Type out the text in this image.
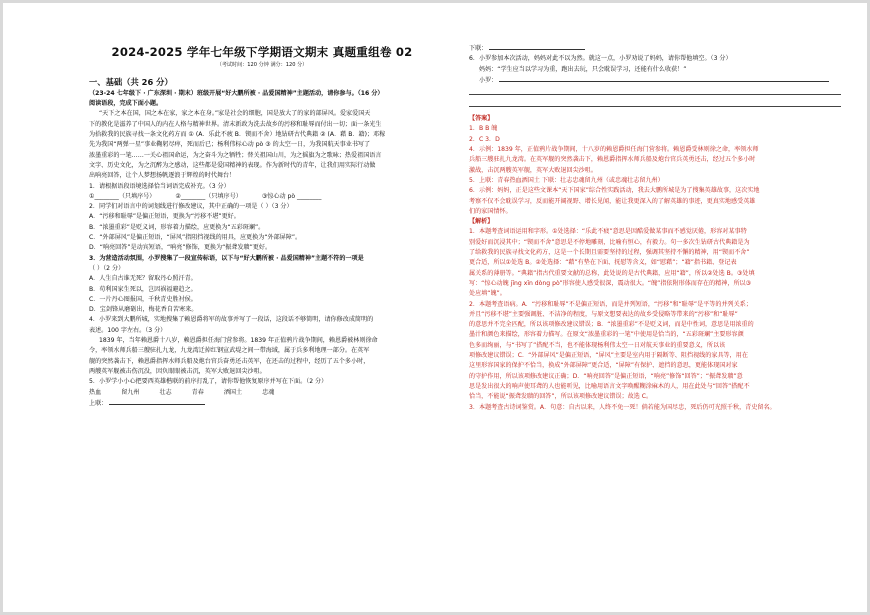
2024-2025 学年七年级下学期语文期末 真题重组卷 02
（考试时间：120 分钟 满分：120 分）
一、基础（共 26 分）
（23-24 七年级下 · 广东深圳 · 期末）班级开展“好大鹏所被 · 品爱国精神”主题活动，请你参与。（16 分）
阅读语段，完成下面小题。
“天下之本在国，国之本在家，家之本在身。”家是社会的细胞，国是放大了的家的部屏风。爱家爱国天
下的教化是滋养了中国人的内在人格与精神世界。清末新政为洗去故乡的污移和耻辱而付出一切；面一条光生
为拾救我的民族寻找一条文化药方而 ① (A．乐此不疲 B．锲而不舍）地钻研古代典籍 ② (A．藉 B．籍)；邓稼
先为我国“两弹一星”事业鞠躬尽瘁，死而后已；杨利伟标心动 pò ③ 的太空一日，为我国航天事业书写了
浓墨重彩的一笔……一关心祖国命运，为之奋斗为之牺牲；替关祖国山川，为之摇旗为之歌咏；热爱祖国语言
文字、历史文化，为之沉醉为之感动，这些都是爱国精神的表现。作为新时代的青年，让我们用实际行动做
出响亮回答，让个人梦想扬帆逐浪于辉煌的时代舞台！
1．请根据语段语境选择恰当词语完成补充。（3 分）
①________（只填序号）	②________（只填序号）	③惊心动 pò ________
2．同学们对语言中的词划线进行修改建议，其中正确的一项是（ ）（3 分）
A．“污移和耻辱”是偏正短语，更换为“污移不堪”更好。
B．“浓墨重彩”是贬义词，形容着力描绘，应更换为“五彩斑斓”。
C．“外部屏风”是偏正短语，“屏风”指阻挡视线的用具，应更换为“外部屏障”。
D．“响亮回答”是动宾短语，“响亮”修饰，更换为“振聋发聩”更好。
3．为营造活动氛围，小罗搜集了一段宣传标语，以下与“好大鹏所被 · 品爱国精神”主题不符的一项是
（ ）（2 分）
A．人生自古谁无死？留取丹心照汗青。
B．苟利国家生死以，岂因祸福避趋之。
C．一片丹心图报国，千秋青史胜衬侯。
D．宝剑锋从磨砺出，梅花香自苦寒来。
4．小罗来到大鹏所城，实地搜集了赖恩爵将军的故事并写了一段话，这段话不够简明，请你修改成简明的
表述。100 字左右。（3 分）
1839 年，当年赖恩爵十八岁，赖恩爵担任海门营参将。1839 年正值鸦片战争期间，赖恩爵被林则徐命
令，率领水师兵船三艘驻扎九龙，九龙湾迁掉红钢宣武堤之间一带海域，属于兵多利地理一部分。在英军
舰的突然袭击下，赖恩爵指挥水师兵船及炮台官兵奋勇还击英军，在还击的过程中，经历了五个多小时，
两艘英军舰被击伤沉没，因负眼眼被击沉，英军大败退回尖沙咀。
5．小罗学小小心把要西英雄楷联的前序打乱了，请你帮他恢复原序并写在下面。（2 分）
热血	留九州	壮志	青春	洒国土	忠魂
上联：
下联：
6．小罗参加本次活动，妈妈对此不以为然。就这一点，小罗劝说了妈妈，请你帮他填空。（3 分）
妈妈：“学生应当以学习为重，跑出去玩，只会耽误学习，还能有什么收获！”
小罗：
【答案】
1．B B 魄
2．C 3．D
4．示例：1839 年，正值鸦片战争期间，十八岁的赖恩爵担任海门营参将。赖恩爵受林则徐之命，率领水师
兵船三艘驻扎九龙湾。在英军舰的突然袭击下，赖恩爵指挥水师兵船及炮台官兵英勇还击，经过五个多小时
激战，击沉两艘英军舰，英军大败退回尖沙咀。
5．上联：青春热血洒国土 下联：壮志忠魂留九州（或忠魂壮志留九州）
6．示例：妈妈，正是这些文课本“天下国家”综合性实践活动，我去大鹏所城是为了搜集英雄故事，这次实地
考察不仅不会耽误学习，反而能开阔视野、增长见闻，能让我更深入的了解英雄的事迹，更真实地感受英雄
们的家国情怀。
【解析】
1．本题考查词语运用和字形。①处选择：“乐此不疲”意思是因酷爱做某事而不感觉厌倦，形容对某事特
别爱好而沉浸其中；“锲而不舍”意思是不停地雕刻，比喻有恒心，有毅力。句一多次生钻研古代典籍是为
了给救我的民族寻找文化药方，这是一个长期且需要坚持的过程，强调其坚持不懈的精神，用“锲而不舍”
更合适，所以①处选 B。②处选择：“藉”有垫在下面、抚慰等含义，如“慰藉”；“籍”指书籍、登记表
属关系的薄册等。“典籍”指古代重要文献的总称，此处说的是古代典籍，应用“籍”，所以②处选 B。③处填
写：“惊心动魄 jīng xīn dòng pò”形容使人感受很深，震动很大。“魄”指依附形体而存在的精神，所以③
处应填“魄”。
2．本题考查语病。A．“污移和耻辱”不是偏正短语，而是并列短语，“污移”和“耻辱”是平等的并列关系；
并且“污移不堪”主要强调脏、不洁净的程度，与原文想要表达的故乡受侵略等带来的“污移”和“耻辱”
的意思并不完全匹配，所以该项修改建议错误；B．“浓墨重彩”不是贬义词，而是中性词，意思是用浓重的
墨汁和颜色来描绘，形容着力描写。在原文“浓墨重彩的一笔”中使用是恰当的，“五彩斑斓”主要形容颜
色多而绚丽，与“书写了”搭配不当，也不能体现杨利伟太空一日对航天事业的重要意义，所以该
项修改建议错误；C．“外部屏风”是偏正短语，“屏风”主要是室内用于隔断等、阻挡视线的家具等，用在
这里形容国家的保护不恰当，换成“外部屏障”更合适，“屏障”有保护、遮挡的意思，更能体现国对家
的守护作用，所以该项修改建议正确；D．“响亮回答”是偏正短语，“响亮”修饰“回答”；“振聋发聩”意
思是发出很大的响声使耳聋的人也能听见，比喻用语言文字唤醒糊涂麻木的人，用在此处与“回答”搭配不
恰当，不能说“振聋发聩的回答”，所以该项修改建议错误；故选 C。
3．本题考查古诗词鉴赏。A．句意：自古以来，人终不免一死！倘若能为国尽忠，死后仍可光照千秋，青史留名。
